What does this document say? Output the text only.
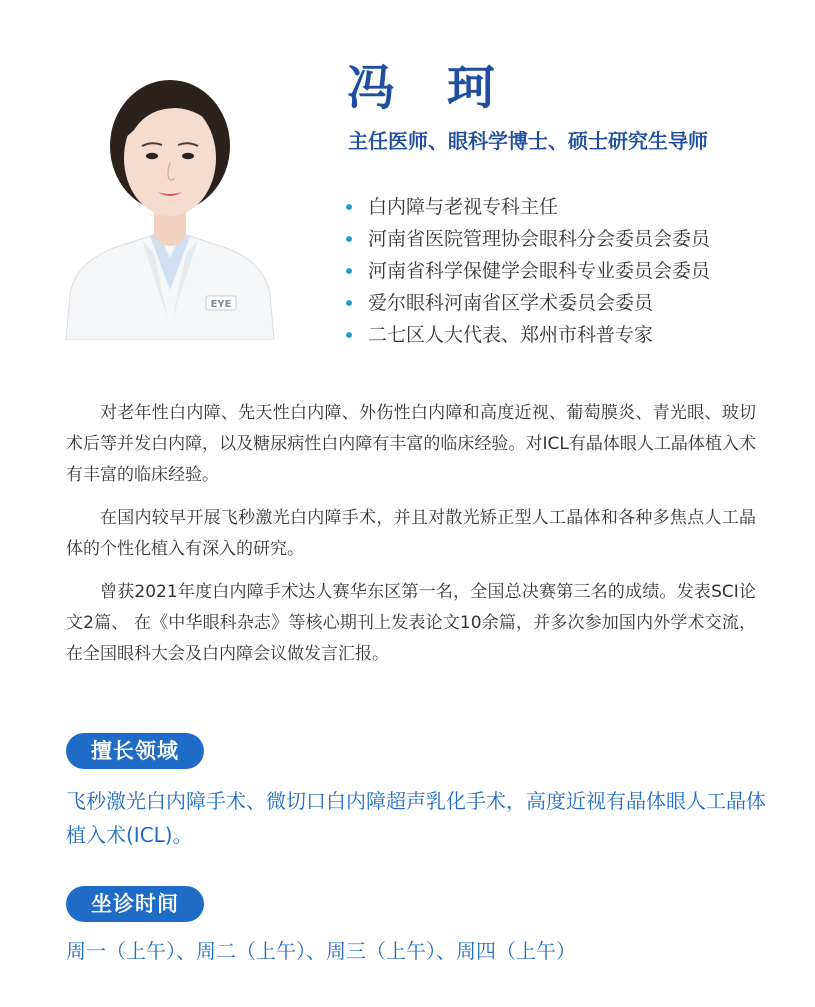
EYE
冯珂
主任医师、眼科学博士、硕士研究生导师
白内障与老视专科主任
河南省医院管理协会眼科分会委员会委员
河南省科学保健学会眼科专业委员会委员
爱尔眼科河南省区学术委员会委员
二七区人大代表、郑州市科普专家

对老年性白内障、先天性白内障、外伤性白内障和高度近视、葡萄膜炎、青光眼、玻切术后等并发白内障，以及糖尿病性白内障有丰富的临床经验。对ICL有晶体眼人工晶体植入术有丰富的临床经验。

在国内较早开展飞秒激光白内障手术，并且对散光矫正型人工晶体和各种多焦点人工晶体的个性化植入有深入的研究。

曾获2021年度白内障手术达人赛华东区第一名，全国总决赛第三名的成绩。发表SCI论文2篇、 在《中华眼科杂志》等核心期刊上发表论文10余篇，并多次参加国内外学术交流，在全国眼科大会及白内障会议做发言汇报。

擅长领域

飞秒激光白内障手术、微切口白内障超声乳化手术，高度近视有晶体眼人工晶体植入术(ICL)。

坐诊时间

周一（上午）、周二（上午）、周三（上午）、周四（上午）
